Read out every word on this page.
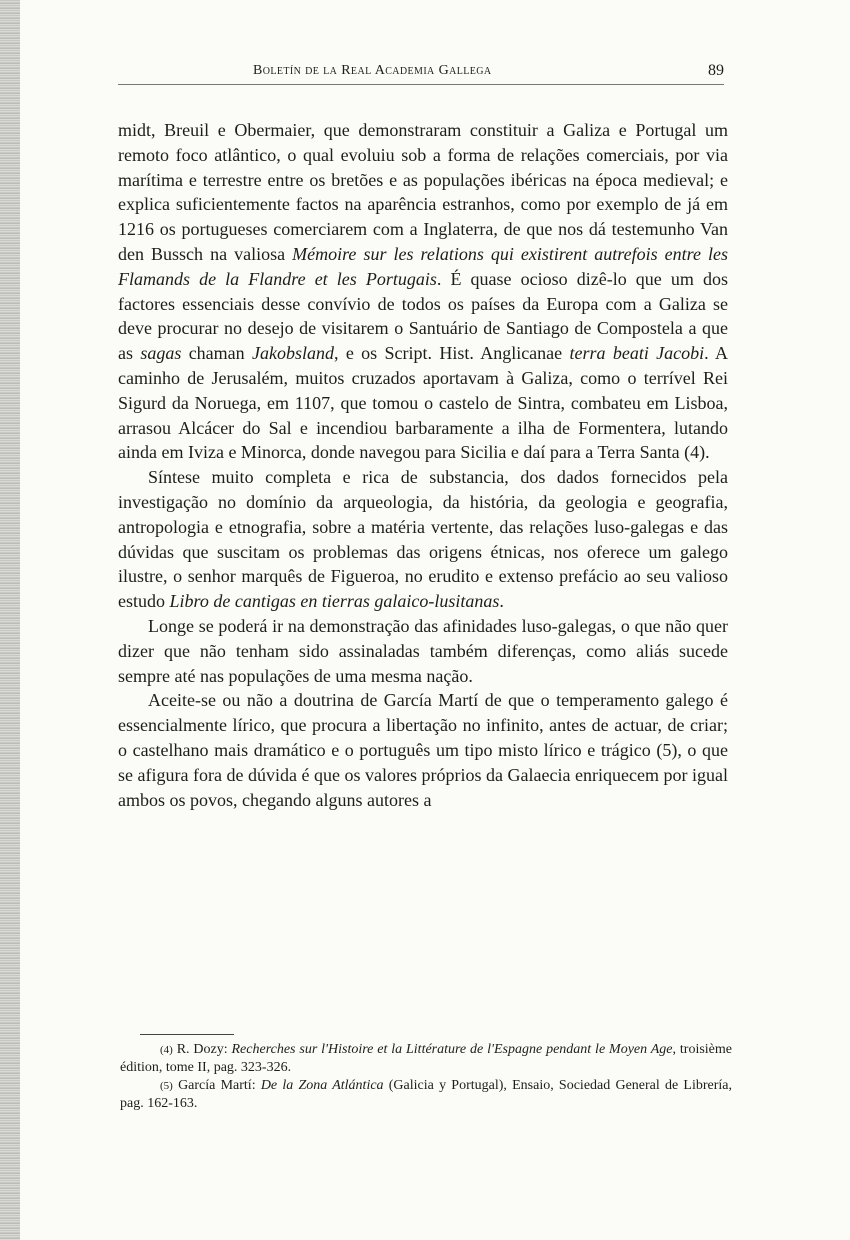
Boletín de la Real Academia Gallega	89

midt, Breuil e Obermaier, que demonstraram constituir a Galiza e Portugal um remoto foco atlântico, o qual evoluiu sob a forma de relações comerciais, por via marítima e terrestre entre os bretões e as populações ibéricas na época medieval; e explica suficientemente factos na aparência estranhos, como por exemplo de já em 1216 os portugueses comerciarem com a Inglaterra, de que nos dá testemunho Van den Bussch na valiosa Mémoire sur les relations qui existirent autrefois entre les Flamands de la Flandre et les Portugais. É quase ocioso dizê-lo que um dos factores essenciais desse convívio de todos os países da Europa com a Galiza se deve procurar no desejo de visitarem o Santuário de Santiago de Compostela a que as sagas chaman Jakobsland, e os Script. Hist. Anglicanae terra beati Jacobi. A caminho de Jerusalém, muitos cruzados aportavam à Galiza, como o terrível Rei Sigurd da Noruega, em 1107, que tomou o castelo de Sintra, combateu em Lisboa, arrasou Alcácer do Sal e incendiou barbaramente a ilha de Formentera, lutando ainda em Iviza e Minorca, donde navegou para Sicilia e daí para a Terra Santa (4).

Síntese muito completa e rica de substancia, dos dados fornecidos pela investigação no domínio da arqueologia, da história, da geologia e geografia, antropologia e etnografia, sobre a matéria vertente, das relações luso-galegas e das dúvidas que suscitam os problemas das origens étnicas, nos oferece um galego ilustre, o senhor marquês de Figueroa, no erudito e extenso prefácio ao seu valioso estudo Libro de cantigas en tierras galaico-lusitanas.

Longe se poderá ir na demonstração das afinidades luso-galegas, o que não quer dizer que não tenham sido assinaladas também diferenças, como aliás sucede sempre até nas populações de uma mesma nação.

Aceite-se ou não a doutrina de García Martí de que o temperamento galego é essencialmente lírico, que procura a libertação no infinito, antes de actuar, de criar; o castelhano mais dramático e o português um tipo misto lírico e trágico (5), o que se afigura fora de dúvida é que os valores próprios da Galaecia enriquecem por igual ambos os povos, chegando alguns autores a

(4) R. Dozy: Recherches sur l'Histoire et la Littérature de l'Espagne pendant le Moyen Age, troisième édition, tome II, pag. 323-326.

(5) García Martí: De la Zona Atlántica (Galicia y Portugal), Ensaio, Sociedad General de Librería, pag. 162-163.
